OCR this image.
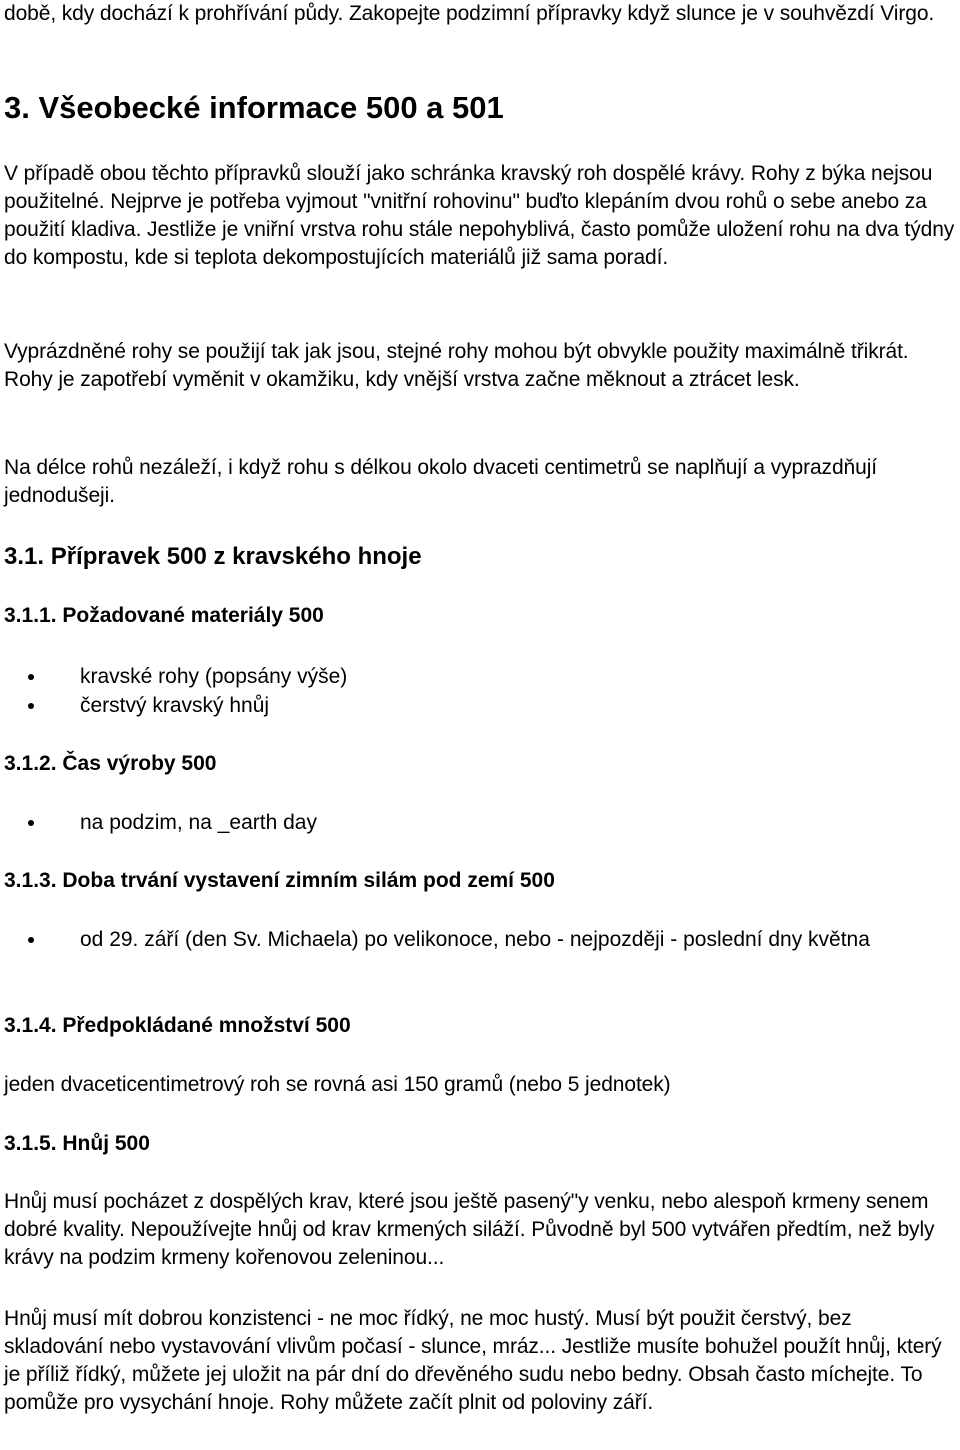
době, kdy dochází k prohřívání půdy. Zakopejte podzimní přípravky když slunce je v souhvězdí Virgo.

3. Všeobecké informace 500 a 501

V případě obou těchto přípravků slouží jako schránka kravský roh dospělé krávy. Rohy z býka nejsou použitelné. Nejprve je potřeba vyjmout "vnitřní rohovinu" buďto klepáním dvou rohů o sebe anebo za použití kladiva. Jestliže je vniřní vrstva rohu stále nepohyblivá, často pomůže uložení rohu na dva týdny do kompostu, kde si teplota dekompostujících materiálů již sama poradí.

Vyprázdněné rohy se použijí tak jak jsou, stejné rohy mohou být obvykle použity maximálně třikrát. Rohy je zapotřebí vyměnit v okamžiku, kdy vnější vrstva začne měknout a ztrácet lesk.

Na délce rohů nezáleží, i když rohu s délkou okolo dvaceti centimetrů se naplňují a vyprazdňují jednodušeji.

3.1. Přípravek 500 z kravského hnoje
3.1.1. Požadované materiály 500
kravské rohy (popsány výše)
čerstvý kravský hnůj
3.1.2. Čas výroby 500
na podzim, na _earth day
3.1.3. Doba trvání vystavení zimním silám pod zemí 500
od 29. září (den Sv. Michaela) po velikonoce, nebo - nejpozději - poslední dny května
3.1.4. Předpokládané množství 500

jeden dvaceticentimetrový roh se rovná asi 150 gramů (nebo 5 jednotek)

3.1.5. Hnůj 500

Hnůj musí pocházet z dospělých krav, které jsou ještě pasený"y venku, nebo alespoň krmeny senem dobré kvality. Nepoužívejte hnůj od krav krmených siláží. Původně byl 500 vytvářen předtím, než byly krávy na podzim krmeny kořenovou zeleninou...

Hnůj musí mít dobrou konzistenci - ne moc řídký, ne moc hustý. Musí být použit čerstvý, bez skladování nebo vystavování vlivům počasí - slunce, mráz... Jestliže musíte bohužel použít hnůj, který je příliž řídký, můžete jej uložit na pár dní do dřevěného sudu nebo bedny. Obsah často míchejte. To pomůže pro vysychání hnoje. Rohy můžete začít plnit od poloviny září.
